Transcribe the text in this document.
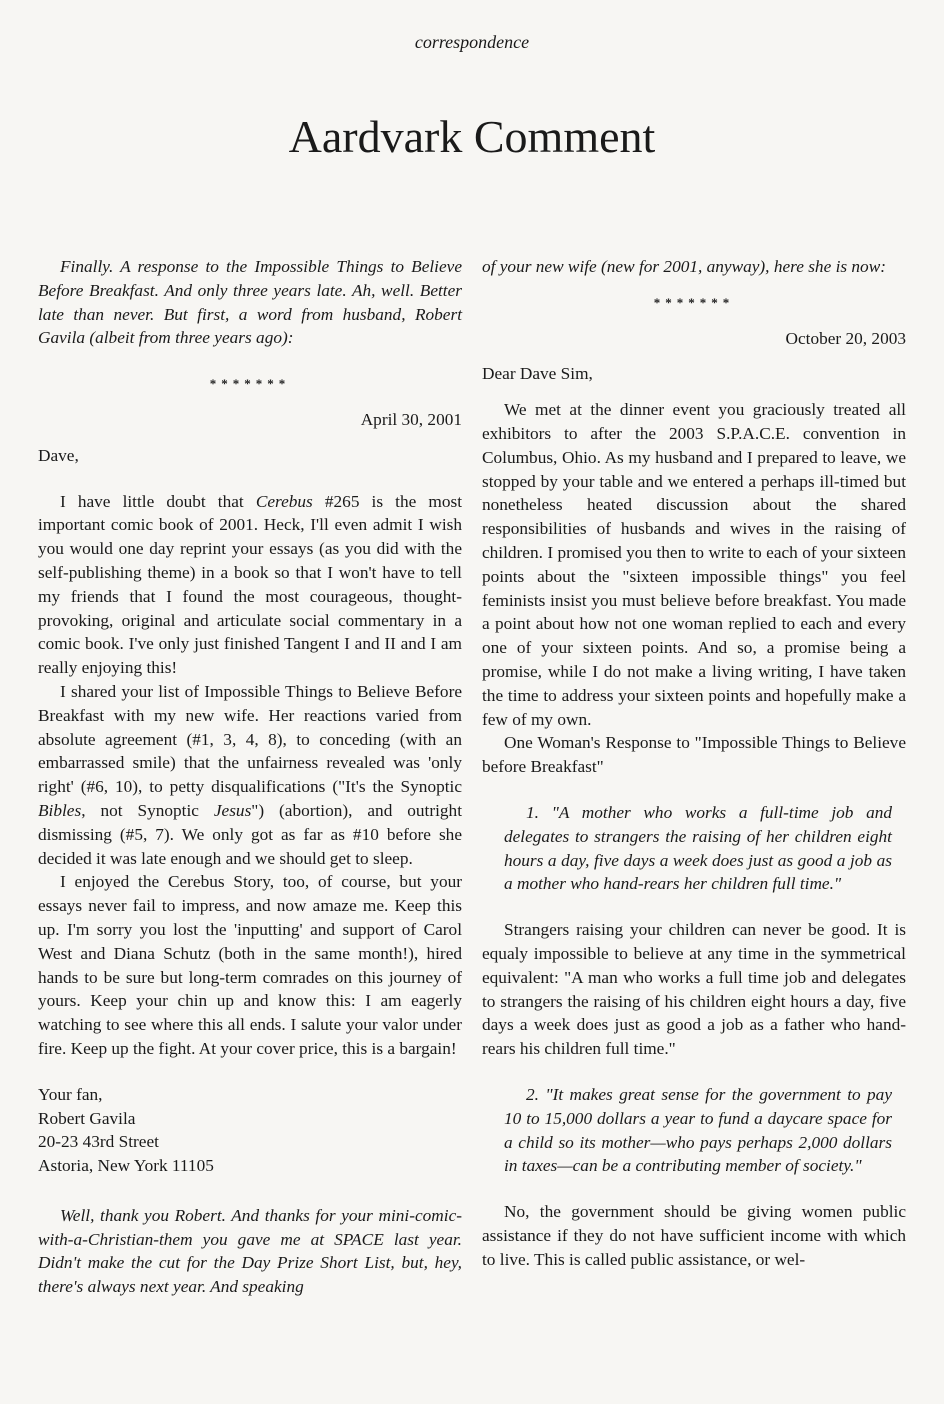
correspondence
Aardvark Comment

Finally. A response to the Impossible Things to Believe Before Breakfast. And only three years late. Ah, well. Better late than never. But first, a word from husband, Robert Gavila (albeit from three years ago):

*******

April 30, 2001

Dave,

I have little doubt that Cerebus #265 is the most important comic book of 2001. Heck, I'll even admit I wish you would one day reprint your essays (as you did with the self-publishing theme) in a book so that I won't have to tell my friends that I found the most courageous, thought-provoking, original and articulate social commentary in a comic book. I've only just finished Tangent I and II and I am really enjoying this!

I shared your list of Impossible Things to Believe Before Breakfast with my new wife. Her reactions varied from absolute agreement (#1, 3, 4, 8), to conceding (with an embarrassed smile) that the unfairness revealed was 'only right' (#6, 10), to petty disqualifications ("It's the Synoptic Bibles, not Synoptic Jesus") (abortion), and outright dismissing (#5, 7). We only got as far as #10 before she decided it was late enough and we should get to sleep.

I enjoyed the Cerebus Story, too, of course, but your essays never fail to impress, and now amaze me. Keep this up. I'm sorry you lost the 'inputting' and support of Carol West and Diana Schutz (both in the same month!), hired hands to be sure but long-term comrades on this journey of yours. Keep your chin up and know this: I am eagerly watching to see where this all ends. I salute your valor under fire. Keep up the fight. At your cover price, this is a bargain!

Your fan,

Robert Gavila

20-23 43rd Street

Astoria, New York 11105

Well, thank you Robert. And thanks for your mini-comic-with-a-Christian-them you gave me at SPACE last year. Didn't make the cut for the Day Prize Short List, but, hey, there's always next year. And speaking

of your new wife (new for 2001, anyway), here she is now:

*******

October 20, 2003

Dear Dave Sim,

We met at the dinner event you graciously treated all exhibitors to after the 2003 S.P.A.C.E. convention in Columbus, Ohio. As my husband and I prepared to leave, we stopped by your table and we entered a perhaps ill-timed but nonetheless heated discussion about the shared responsibilities of husbands and wives in the raising of children. I promised you then to write to each of your sixteen points about the "sixteen impossible things" you feel feminists insist you must believe before breakfast. You made a point about how not one woman replied to each and every one of your sixteen points. And so, a promise being a promise, while I do not make a living writing, I have taken the time to address your sixteen points and hopefully make a few of my own.

One Woman's Response to "Impossible Things to Believe before Breakfast"

1. "A mother who works a full-time job and delegates to strangers the raising of her children eight hours a day, five days a week does just as good a job as a mother who hand-rears her children full time."

Strangers raising your children can never be good. It is equaly impossible to believe at any time in the symmetrical equivalent: "A man who works a full time job and delegates to strangers the raising of his children eight hours a day, five days a week does just as good a job as a father who hand-rears his children full time."

2. "It makes great sense for the government to pay 10 to 15,000 dollars a year to fund a daycare space for a child so its mother—who pays perhaps 2,000 dollars in taxes—can be a contributing member of society."

No, the government should be giving women public assistance if they do not have sufficient income with which to live. This is called public assistance, or wel-
